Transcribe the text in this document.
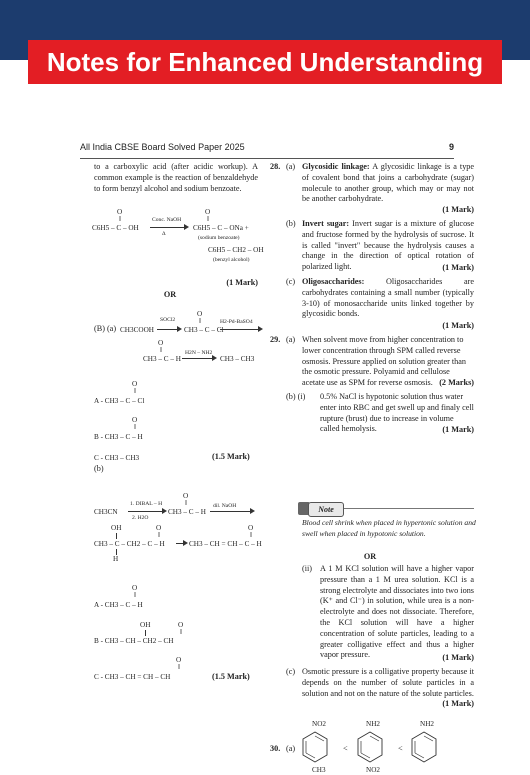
Notes for Enhanced Understanding
All India CBSE Board Solved Paper 2025	9
to a carboxylic acid (after acidic workup). A common example is the reaction of benzaldehyde to form benzyl alcohol and sodium benzoate.
O
‖
C6H5 – C – OH
Conc. NaOH
Δ
O
‖
C6H5 – C – ONa +
(sodium benzoate)
C6H5 – CH2 – OH
(benzyl alcohol)
(1 Mark)
OR
(B) (a) CH3COOH
SOCl2
O
‖
CH3 – C – Cl
H2-Pd-BaSO4
O
‖
CH3 – C – H
H2N – NH2
CH3 – CH3
O
‖
A - CH3 – C – Cl
O
‖
B - CH3 – C – H
C - CH3 – CH3	(1.5 Mark)
(b)
CH3CN
1. DIBAL – H
2. H2O
O
‖
CH3 – C – H
dil. NaOH
OH	O
‖
CH3 – C – CH2 – C – H
H
O
‖
CH3 – CH = CH – C – H
O
‖
A - CH3 – C – H
OH	O
‖
B - CH3 – CH – CH2 – CH
O
‖
C - CH3 – CH = CH – CH	(1.5 Mark)
28. (a) Glycosidic linkage: A glycosidic linkage is a type of covalent bond that joins a carbohydrate (sugar) molecule to another group, which may or may not be another carbohydrate.
(1 Mark)
(b) Invert sugar: Invert sugar is a mixture of glucose and fructose formed by the hydrolysis of sucrose. It is called "invert" because the hydrolysis causes a change in the direction of optical rotation of polarized light.	(1 Mark)
(c) Oligosaccharides: Oligosaccharides are carbohydrates containing a small number (typically 3-10) of monosaccharide units linked together by glycosidic bonds.
(1 Mark)
29. (a) When solvent move from higher concentration to lower concentration through SPM called reverse osmosis. Pressure applied on solution greater than the osmotic pressure. Polyamid and cellulose acetate use as SPM for reverse osmosis. (2 Marks)
(b) (i) 0.5% NaCl is hypotonic solution thus water enter into RBC and get swell up and finaly cell rupture (brust) due to increase in volume called hemolysis.	(1 Mark)
Note
Blood cell shrink when placed in hypertonic solution and swell when placed in hypotonic solution.
OR
(ii) A 1 M KCl solution will have a higher vapor pressure than a 1 M urea solution. KCl is a strong electrolyte and dissociates into two ions (K⁺ and Cl⁻) in solution, while urea is a non-electrolyte and does not dissociate. Therefore, the KCl solution will have a higher concentration of solute particles, leading to a greater colligative effect and thus a higher vapor pressure.	(1 Mark)
(c) Osmotic pressure is a colligative property because it depends on the number of solute particles in a solution and not on the nature of the solute particles.
(1 Mark)
30. (a)
NO2
CH3
<
NH2
NO2
<
NH2
